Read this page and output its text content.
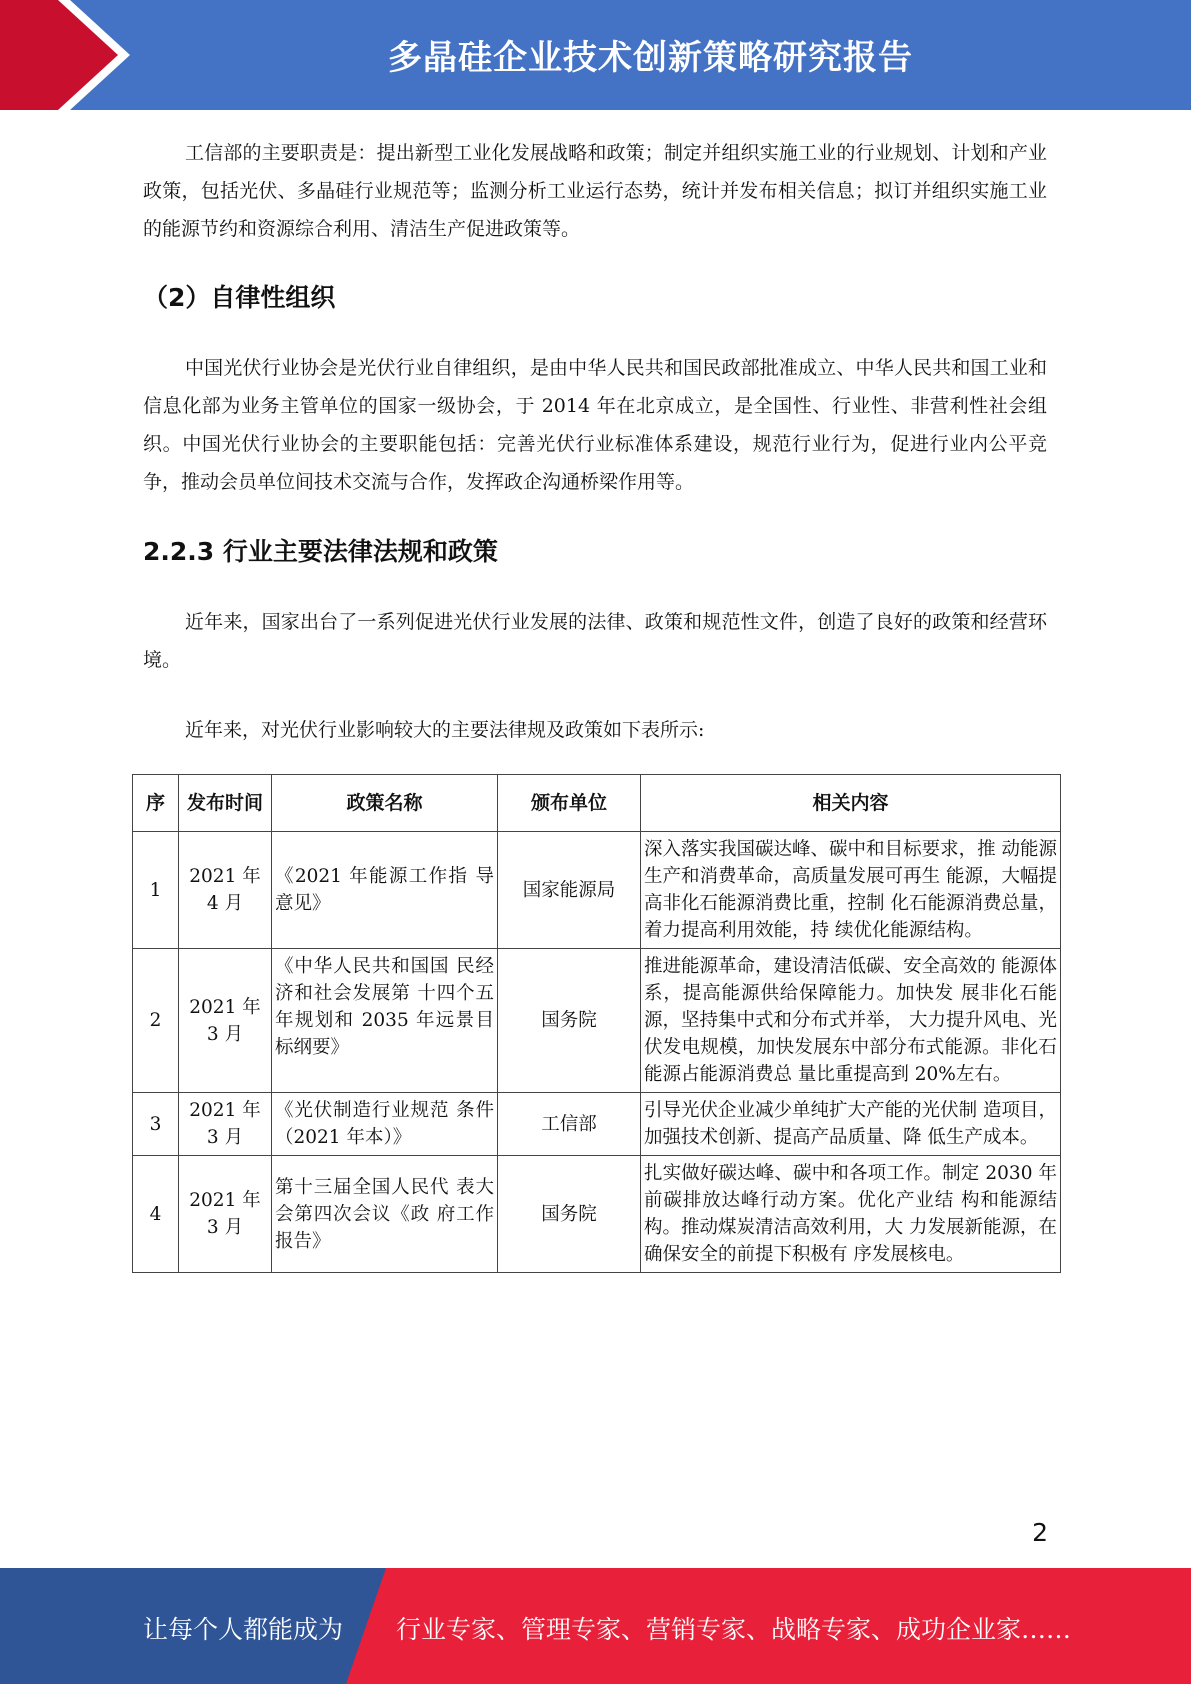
多晶硅企业技术创新策略研究报告

工信部的主要职责是：提出新型工业化发展战略和政策；制定并组织实施工业的行业规划、计划和产业政策，包括光伏、多晶硅行业规范等；监测分析工业运行态势，统计并发布相关信息；拟订并组织实施工业的能源节约和资源综合利用、清洁生产促进政策等。

（2）自律性组织

中国光伏行业协会是光伏行业自律组织，是由中华人民共和国民政部批准成立、中华人民共和国工业和信息化部为业务主管单位的国家一级协会，于 2014 年在北京成立，是全国性、行业性、非营利性社会组织。中国光伏行业协会的主要职能包括：完善光伏行业标准体系建设，规范行业行为，促进行业内公平竞争，推动会员单位间技术交流与合作，发挥政企沟通桥梁作用等。

2.2.3 行业主要法律法规和政策

近年来，国家出台了一系列促进光伏行业发展的法律、政策和规范性文件，创造了良好的政策和经营环境。

近年来，对光伏行业影响较大的主要法律规及政策如下表所示:

序	发布时间	政策名称	颁布单位	相关内容
1	2021 年 4 月	《2021 年能源工作指 导意见》	国家能源局	深入落实我国碳达峰、碳中和目标要求，推 动能源生产和消费革命，高质量发展可再生 能源，大幅提高非化石能源消费比重，控制 化石能源消费总量，着力提高利用效能，持 续优化能源结构。
2	2021 年 3 月	《中华人民共和国国 民经济和社会发展第 十四个五年规划和 2035 年远景目标纲要》	国务院	推进能源革命，建设清洁低碳、安全高效的 能源体系，提高能源供给保障能力。加快发 展非化石能源，坚持集中式和分布式并举， 大力提升风电、光伏发电规模，加快发展东中部分布式能源。非化石能源占能源消费总 量比重提高到 20%左右。
3	2021 年 3 月	《光伏制造行业规范 条件（2021 年本）》	工信部	引导光伏企业减少单纯扩大产能的光伏制 造项目，加强技术创新、提高产品质量、降 低生产成本。
4	2021 年 3 月	第十三届全国人民代 表大会第四次会议《政 府工作报告》	国务院	扎实做好碳达峰、碳中和各项工作。制定 2030 年前碳排放达峰行动方案。优化产业结 构和能源结构。推动煤炭清洁高效利用，大 力发展新能源，在确保安全的前提下积极有 序发展核电。
2
让每个人都能成为 行业专家、管理专家、营销专家、战略专家、成功企业家……
